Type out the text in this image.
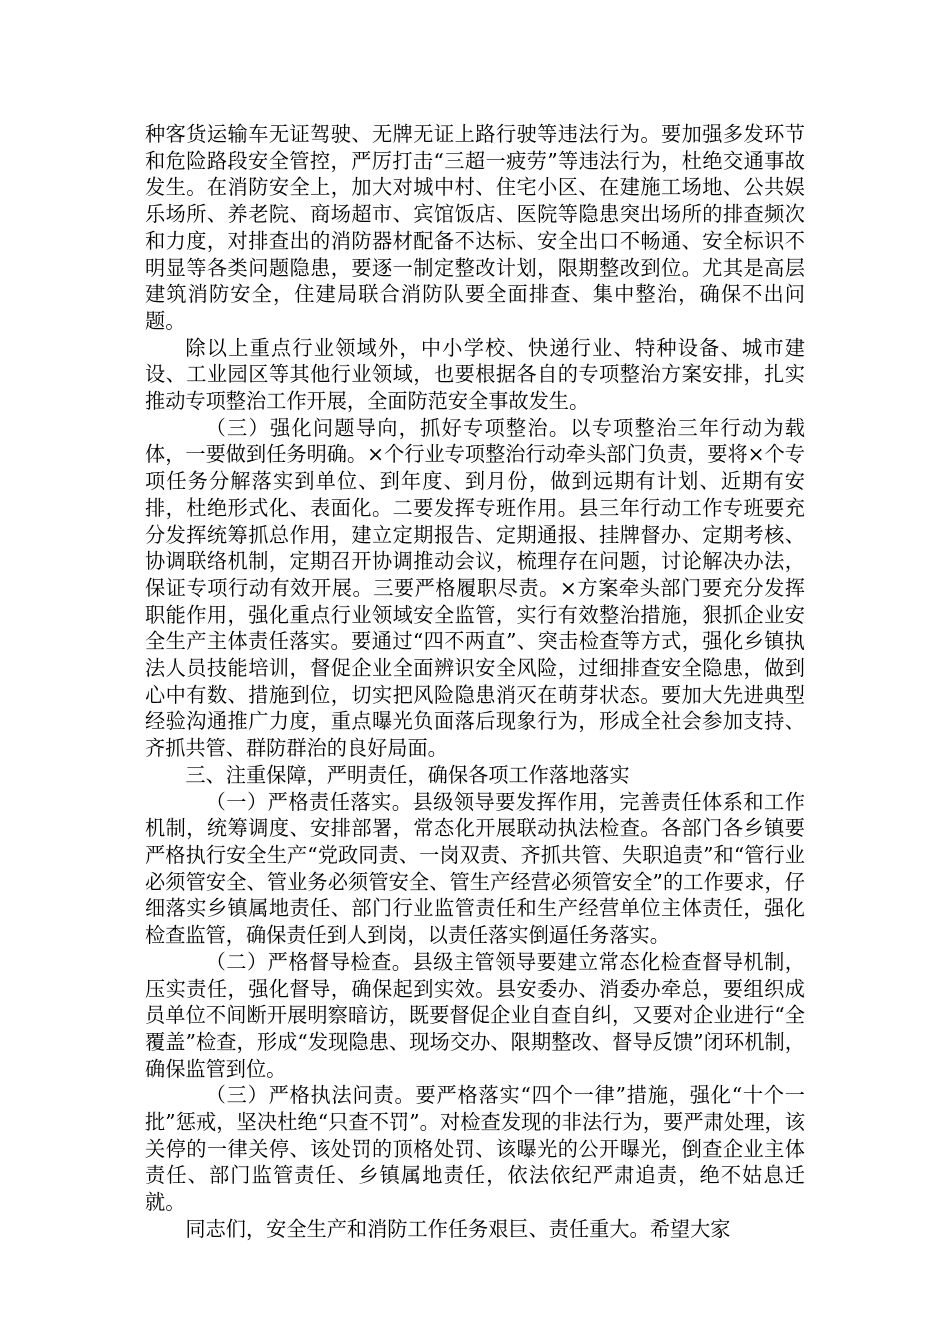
种客货运输车无证驾驶、无牌无证上路行驶等违法行为。要加强多发环节和危险路段安全管控，严厉打击“三超一疲劳”等违法行为，杜绝交通事故发生。在消防安全上，加大对城中村、住宅小区、在建施工场地、公共娱乐场所、养老院、商场超市、宾馆饭店、医院等隐患突出场所的排查频次和力度，对排查出的消防器材配备不达标、安全出口不畅通、安全标识不明显等各类问题隐患，要逐一制定整改计划，限期整改到位。尤其是高层建筑消防安全，住建局联合消防队要全面排查、集中整治，确保不出问题。

除以上重点行业领域外，中小学校、快递行业、特种设备、城市建设、工业园区等其他行业领域，也要根据各自的专项整治方案安排，扎实推动专项整治工作开展，全面防范安全事故发生。

（三）强化问题导向，抓好专项整治。以专项整治三年行动为载体，一要做到任务明确。×个行业专项整治行动牵头部门负责，要将×个专项任务分解落实到单位、到年度、到月份，做到远期有计划、近期有安排，杜绝形式化、表面化。二要发挥专班作用。县三年行动工作专班要充分发挥统筹抓总作用，建立定期报告、定期通报、挂牌督办、定期考核、协调联络机制，定期召开协调推动会议，梳理存在问题，讨论解决办法，保证专项行动有效开展。三要严格履职尽责。×方案牵头部门要充分发挥职能作用，强化重点行业领域安全监管，实行有效整治措施，狠抓企业安全生产主体责任落实。要通过“四不两直”、突击检查等方式，强化乡镇执法人员技能培训，督促企业全面辨识安全风险，过细排查安全隐患，做到心中有数、措施到位，切实把风险隐患消灭在萌芽状态。要加大先进典型经验沟通推广力度，重点曝光负面落后现象行为，形成全社会参加支持、齐抓共管、群防群治的良好局面。

三、注重保障，严明责任，确保各项工作落地落实

（一）严格责任落实。县级领导要发挥作用，完善责任体系和工作机制，统筹调度、安排部署，常态化开展联动执法检查。各部门各乡镇要严格执行安全生产“党政同责、一岗双责、齐抓共管、失职追责”和“管行业必须管安全、管业务必须管安全、管生产经营必须管安全”的工作要求，仔细落实乡镇属地责任、部门行业监管责任和生产经营单位主体责任，强化检查监管，确保责任到人到岗，以责任落实倒逼任务落实。

（二）严格督导检查。县级主管领导要建立常态化检查督导机制，压实责任，强化督导，确保起到实效。县安委办、消委办牵总，要组织成员单位不间断开展明察暗访，既要督促企业自查自纠，又要对企业进行“全覆盖”检查，形成“发现隐患、现场交办、限期整改、督导反馈”闭环机制，确保监管到位。

（三）严格执法问责。要严格落实“四个一律”措施，强化“十个一批”惩戒，坚决杜绝“只查不罚”。对检查发现的非法行为，要严肃处理，该关停的一律关停、该处罚的顶格处罚、该曝光的公开曝光，倒查企业主体责任、部门监管责任、乡镇属地责任，依法依纪严肃追责，绝不姑息迁就。

同志们，安全生产和消防工作任务艰巨、责任重大。希望大家
